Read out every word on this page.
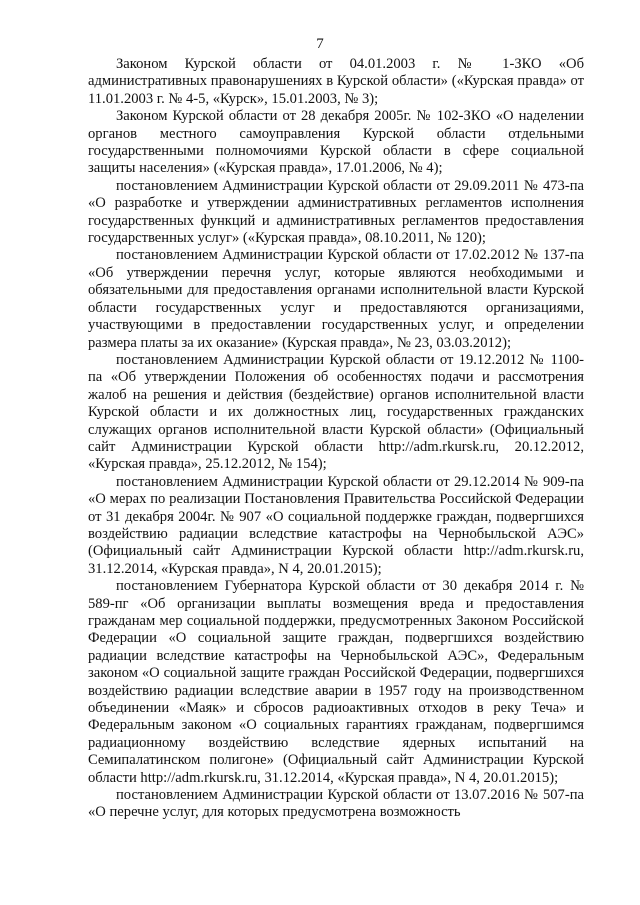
7

Законом Курской области от 04.01.2003 г. № 1-ЗКО «Об административных правонарушениях в Курской области» («Курская правда» от 11.01.2003 г. № 4-5, «Курск», 15.01.2003, № 3);

Законом Курской области от 28 декабря 2005г. № 102-ЗКО «О наделении органов местного самоуправления Курской области отдельными государственными полномочиями Курской области в сфере социальной защиты населения» («Курская правда», 17.01.2006, № 4);

постановлением Администрации Курской области от 29.09.2011 № 473-па «О разработке и утверждении административных регламентов исполнения государственных функций и административных регламентов предоставления государственных услуг» («Курская правда», 08.10.2011, № 120);

постановлением Администрации Курской области от 17.02.2012 № 137-па «Об утверждении перечня услуг, которые являются необходимыми и обязательными для предоставления органами исполнительной власти Курской области государственных услуг и предоставляются организациями, участвующими в предоставлении государственных услуг, и определении размера платы за их оказание» (Курская правда», № 23, 03.03.2012);

постановлением Администрации Курской области от 19.12.2012 № 1100-па «Об утверждении Положения об особенностях подачи и рассмотрения жалоб на решения и действия (бездействие) органов исполнительной власти Курской области и их должностных лиц, государственных гражданских служащих органов исполнительной власти Курской области» (Официальный сайт Администрации Курской области http://adm.rkursk.ru, 20.12.2012, «Курская правда», 25.12.2012, № 154);

постановлением Администрации Курской области от 29.12.2014 № 909-па «О мерах по реализации Постановления Правительства Российской Федерации от 31 декабря 2004г. № 907 «О социальной поддержке граждан, подвергшихся воздействию радиации вследствие катастрофы на Чернобыльской АЭС» (Официальный сайт Администрации Курской области http://adm.rkursk.ru, 31.12.2014, «Курская правда», N 4, 20.01.2015);

постановлением Губернатора Курской области от 30 декабря 2014 г. № 589-пг «Об организации выплаты возмещения вреда и предоставления гражданам мер социальной поддержки, предусмотренных Законом Российской Федерации «О социальной защите граждан, подвергшихся воздействию радиации вследствие катастрофы на Чернобыльской АЭС», Федеральным законом «О социальной защите граждан Российской Федерации, подвергшихся воздействию радиации вследствие аварии в 1957 году на производственном объединении «Маяк» и сбросов радиоактивных отходов в реку Теча» и Федеральным законом «О социальных гарантиях гражданам, подвергшимся радиационному воздействию вследствие ядерных испытаний на Семипалатинском полигоне» (Официальный сайт Администрации Курской области http://adm.rkursk.ru, 31.12.2014, «Курская правда», N 4, 20.01.2015);

постановлением Администрации Курской области от 13.07.2016 № 507-па «О перечне услуг, для которых предусмотрена возможность
